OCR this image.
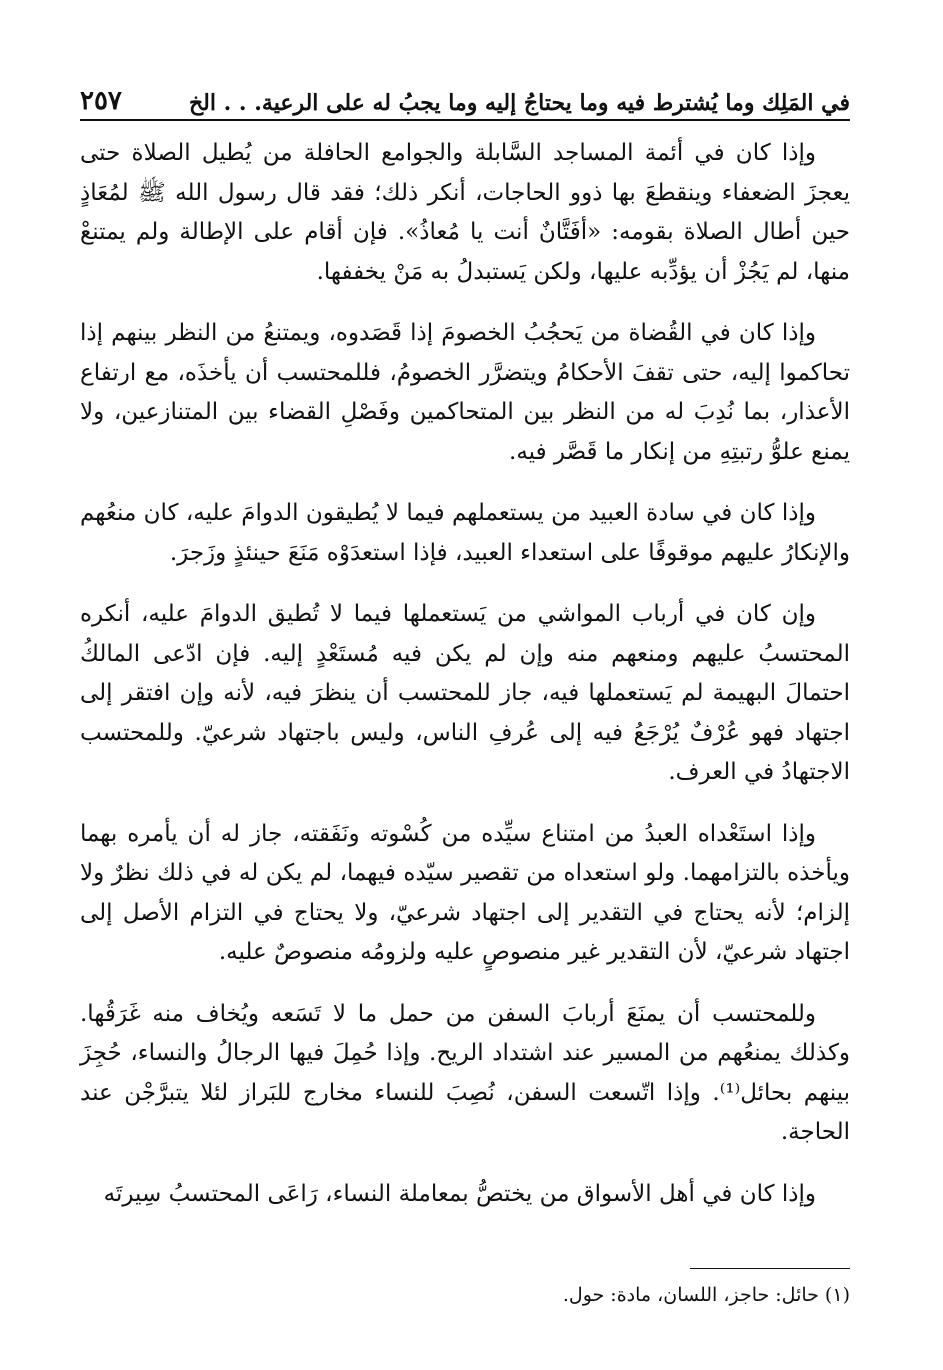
في المَلِك وما يُشترط فيه وما يحتاجُ إليه وما يجبُ له على الرعية. . . الخ
٢٥٧

وإذا كان في أئمة المساجد السَّابلة والجوامع الحافلة من يُطيل الصلاة حتى يعجزَ الضعفاء وينقطعَ بها ذوو الحاجات، أنكر ذلك؛ فقد قال رسول الله ﷺ لمُعَاذٍ حين أطال الصلاة بقومه: «أفَتَّانٌ أنت يا مُعاذُ». فإن أقام على الإطالة ولم يمتنعْ منها، لم يَجُزْ أن يؤدِّبه عليها، ولكن يَستبدلُ به مَنْ يخففها.

وإذا كان في القُضاة من يَحجُبُ الخصومَ إذا قَصَدوه، ويمتنعُ من النظر بينهم إذا تحاكموا إليه، حتى تقفَ الأحكامُ ويتضرَّر الخصومُ، فللمحتسب أن يأخذَه، مع ارتفاع الأعذار، بما نُدِبَ له من النظر بين المتحاكمين وفَصْلِ القضاء بين المتنازعين، ولا يمنع علوُّ رتبتِهِ من إنكار ما قَصَّر فيه.

وإذا كان في سادة العبيد من يستعملهم فيما لا يُطيقون الدوامَ عليه، كان منعُهم والإنكارُ عليهم موقوفًا على استعداء العبيد، فإذا استعدَوْه مَنَعَ حينئذٍ وزَجرَ.

وإن كان في أرباب المواشي من يَستعملها فيما لا تُطيق الدوامَ عليه، أنكره المحتسبُ عليهم ومنعهم منه وإن لم يكن فيه مُستَعْدٍ إليه. فإن ادّعى المالكُ احتمالَ البهيمة لم يَستعملها فيه، جاز للمحتسب أن ينظرَ فيه، لأنه وإن افتقر إلى اجتهاد فهو عُرْفٌ يُرْجَعُ فيه إلى عُرفِ الناس، وليس باجتهاد شرعيّ. وللمحتسب الاجتهادُ في العرف.

وإذا استَعْداه العبدُ من امتناع سيِّده من كُسْوته ونَفَقته، جاز له أن يأمره بهما ويأخذه بالتزامهما. ولو استعداه من تقصير سيّده فيهما، لم يكن له في ذلك نظرٌ ولا إلزام؛ لأنه يحتاج في التقدير إلى اجتهاد شرعيّ، ولا يحتاج في التزام الأصل إلى اجتهاد شرعيّ، لأن التقدير غير منصوصٍ عليه ولزومُه منصوصٌ عليه.

وللمحتسب أن يمنَعَ أربابَ السفن من حمل ما لا تَسَعه ويُخاف منه غَرَقُها. وكذلك يمنعُهم من المسير عند اشتداد الريح. وإذا حُمِلَ فيها الرجالُ والنساء، حُجِزَ بينهم بحائل⁽¹⁾. وإذا اتّسعت السفن، نُصِبَ للنساء مخارج للبَراز لئلا يتبرَّجْن عند الحاجة.

وإذا كان في أهل الأسواق من يختصُّ بمعاملة النساء، رَاعَى المحتسبُ سِيرتَه

(١) حائل: حاجز، اللسان، مادة: حول.
